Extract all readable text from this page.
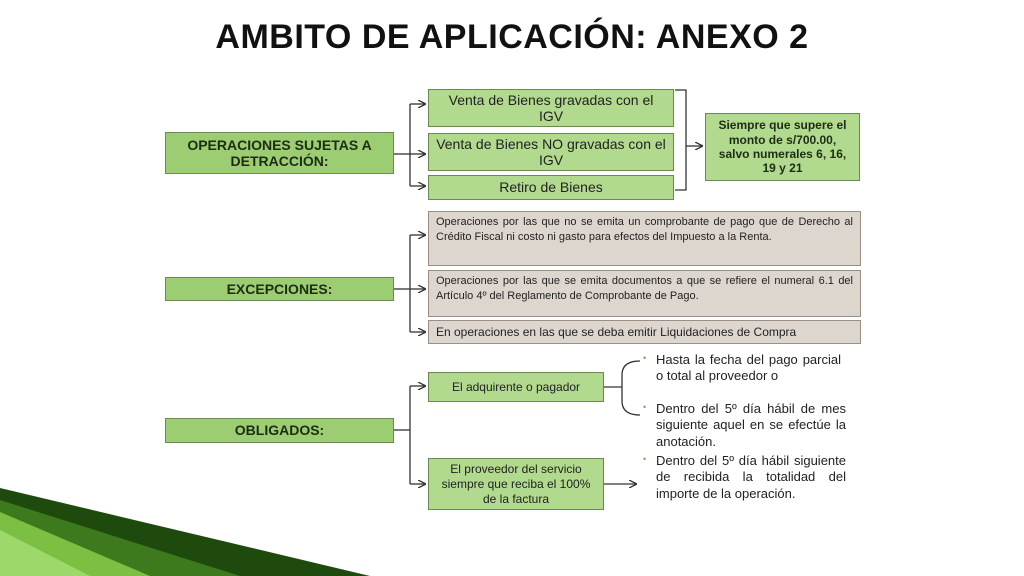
AMBITO DE APLICACIÓN: ANEXO 2
OPERACIONES SUJETAS A DETRACCIÓN:
Venta de Bienes gravadas con el IGV
Venta de Bienes NO gravadas con el IGV
Retiro de Bienes
Siempre que supere el monto de s/700.00, salvo numerales 6, 16, 19 y 21
EXCEPCIONES:
Operaciones por las que no se emita un comprobante de pago que de Derecho al Crédito Fiscal ni costo ni gasto para efectos del Impuesto a la Renta.
Operaciones por las que se emita documentos a que se refiere el numeral 6.1 del Artículo 4º del Reglamento de Comprobante de Pago.
En operaciones en las que se deba emitir Liquidaciones de Compra
OBLIGADOS:
El adquirente o pagador
El proveedor del servicio siempre que reciba el 100% de la factura
• Hasta la fecha del pago parcial o total al proveedor o
• Dentro del 5º día hábil de mes siguiente aquel en se efectúe la anotación.
• Dentro del 5º día hábil siguiente de recibida la totalidad del importe de la operación.
